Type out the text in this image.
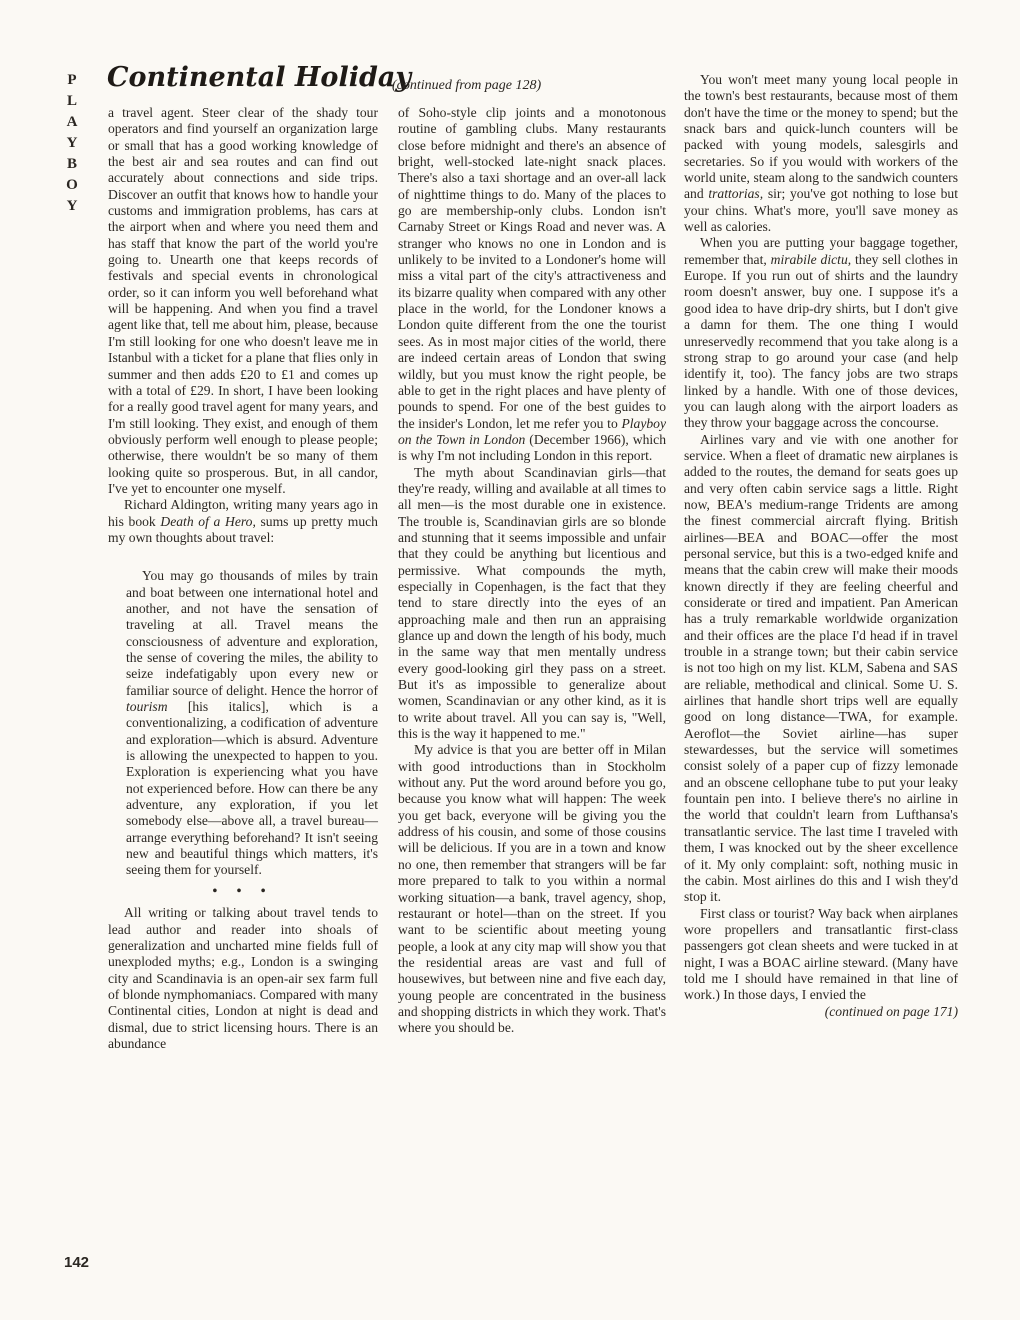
P
L
A
Y
B
O
Y
Continental Holiday
(continued from page 128)

a travel agent. Steer clear of the shady tour operators and find yourself an organization large or small that has a good working knowledge of the best air and sea routes and can find out accurately about connections and side trips. Discover an outfit that knows how to handle your customs and immigration problems, has cars at the airport when and where you need them and has staff that know the part of the world you're going to. Unearth one that keeps records of festivals and special events in chronological order, so it can inform you well beforehand what will be happening. And when you find a travel agent like that, tell me about him, please, because I'm still looking for one who doesn't leave me in Istanbul with a ticket for a plane that flies only in summer and then adds £20 to £1 and comes up with a total of £29. In short, I have been looking for a really good travel agent for many years, and I'm still looking. They exist, and enough of them obviously perform well enough to please people; otherwise, there wouldn't be so many of them looking quite so prosperous. But, in all candor, I've yet to encounter one myself.

Richard Aldington, writing many years ago in his book Death of a Hero, sums up pretty much my own thoughts about travel:

You may go thousands of miles by train and boat between one international hotel and another, and not have the sensation of traveling at all. Travel means the consciousness of adventure and exploration, the sense of covering the miles, the ability to seize indefatigably upon every new or familiar source of delight. Hence the horror of tourism [his italics], which is a conventionalizing, a codification of adventure and exploration—which is absurd. Adventure is allowing the unexpected to happen to you. Exploration is experiencing what you have not experienced before. How can there be any adventure, any exploration, if you let somebody else—above all, a travel bureau—arrange everything beforehand? It isn't seeing new and beautiful things which matters, it's seeing them for yourself.

• • •

All writing or talking about travel tends to lead author and reader into shoals of generalization and uncharted mine fields full of unexploded myths; e.g., London is a swinging city and Scandinavia is an open-air sex farm full of blonde nymphomaniacs. Compared with many Continental cities, London at night is dead and dismal, due to strict licensing hours. There is an abundance

of Soho-style clip joints and a monotonous routine of gambling clubs. Many restaurants close before midnight and there's an absence of bright, well-stocked late-night snack places. There's also a taxi shortage and an over-all lack of nighttime things to do. Many of the places to go are membership-only clubs. London isn't Carnaby Street or Kings Road and never was. A stranger who knows no one in London and is unlikely to be invited to a Londoner's home will miss a vital part of the city's attractiveness and its bizarre quality when compared with any other place in the world, for the Londoner knows a London quite different from the one the tourist sees. As in most major cities of the world, there are indeed certain areas of London that swing wildly, but you must know the right people, be able to get in the right places and have plenty of pounds to spend. For one of the best guides to the insider's London, let me refer you to Playboy on the Town in London (December 1966), which is why I'm not including London in this report.

The myth about Scandinavian girls—that they're ready, willing and available at all times to all men—is the most durable one in existence. The trouble is, Scandinavian girls are so blonde and stunning that it seems impossible and unfair that they could be anything but licentious and permissive. What compounds the myth, especially in Copenhagen, is the fact that they tend to stare directly into the eyes of an approaching male and then run an appraising glance up and down the length of his body, much in the same way that men mentally undress every good-looking girl they pass on a street. But it's as impossible to generalize about women, Scandinavian or any other kind, as it is to write about travel. All you can say is, "Well, this is the way it happened to me."

My advice is that you are better off in Milan with good introductions than in Stockholm without any. Put the word around before you go, because you know what will happen: The week you get back, everyone will be giving you the address of his cousin, and some of those cousins will be delicious. If you are in a town and know no one, then remember that strangers will be far more prepared to talk to you within a normal working situation—a bank, travel agency, shop, restaurant or hotel—than on the street. If you want to be scientific about meeting young people, a look at any city map will show you that the residential areas are vast and full of housewives, but between nine and five each day, young people are concentrated in the business and shopping districts in which they work. That's where you should be.

You won't meet many young local people in the town's best restaurants, because most of them don't have the time or the money to spend; but the snack bars and quick-lunch counters will be packed with young models, salesgirls and secretaries. So if you would with workers of the world unite, steam along to the sandwich counters and trattorias, sir; you've got nothing to lose but your chins. What's more, you'll save money as well as calories.

When you are putting your baggage together, remember that, mirabile dictu, they sell clothes in Europe. If you run out of shirts and the laundry room doesn't answer, buy one. I suppose it's a good idea to have drip-dry shirts, but I don't give a damn for them. The one thing I would unreservedly recommend that you take along is a strong strap to go around your case (and help identify it, too). The fancy jobs are two straps linked by a handle. With one of those devices, you can laugh along with the airport loaders as they throw your baggage across the concourse.

Airlines vary and vie with one another for service. When a fleet of dramatic new airplanes is added to the routes, the demand for seats goes up and very often cabin service sags a little. Right now, BEA's medium-range Tridents are among the finest commercial aircraft flying. British airlines—BEA and BOAC—offer the most personal service, but this is a two-edged knife and means that the cabin crew will make their moods known directly if they are feeling cheerful and considerate or tired and impatient. Pan American has a truly remarkable worldwide organization and their offices are the place I'd head if in travel trouble in a strange town; but their cabin service is not too high on my list. KLM, Sabena and SAS are reliable, methodical and clinical. Some U. S. airlines that handle short trips well are equally good on long distance—TWA, for example. Aeroflot—the Soviet airline—has super stewardesses, but the service will sometimes consist solely of a paper cup of fizzy lemonade and an obscene cellophane tube to put your leaky fountain pen into. I believe there's no airline in the world that couldn't learn from Lufthansa's transatlantic service. The last time I traveled with them, I was knocked out by the sheer excellence of it. My only complaint: soft, nothing music in the cabin. Most airlines do this and I wish they'd stop it.

First class or tourist? Way back when airplanes wore propellers and transatlantic first-class passengers got clean sheets and were tucked in at night, I was a BOAC airline steward. (Many have told me I should have remained in that line of work.) In those days, I envied the

(continued on page 171)

142
